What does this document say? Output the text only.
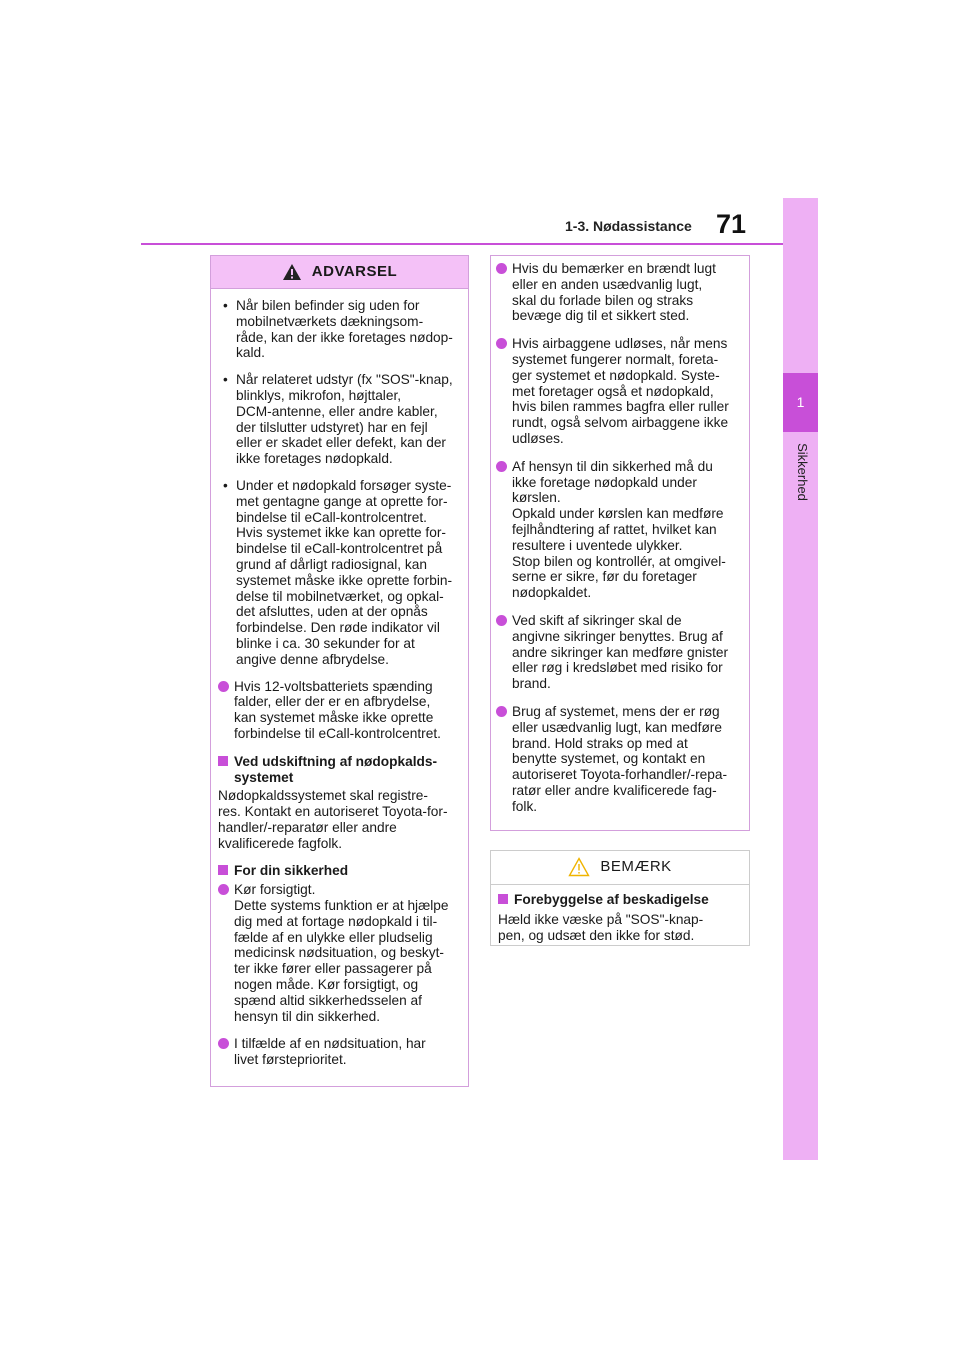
1-3. Nødassistance 71
1
Sikkerhed
ADVARSEL
• Når bilen befinder sig uden for
mobilnetværkets dækningsom-
råde, kan der ikke foretages nødop-
kald.
• Når relateret udstyr (fx "SOS"-knap,
blinklys, mikrofon, højttaler,
DCM-antenne, eller andre kabler,
der tilslutter udstyret) har en fejl
eller er skadet eller defekt, kan der
ikke foretages nødopkald.
• Under et nødopkald forsøger syste-
met gentagne gange at oprette for-
bindelse til eCall-kontrolcentret.
Hvis systemet ikke kan oprette for-
bindelse til eCall-kontrolcentret på
grund af dårligt radiosignal, kan
systemet måske ikke oprette forbin-
delse til mobilnetværket, og opkal-
det afsluttes, uden at der opnås
forbindelse. Den røde indikator vil
blinke i ca. 30 sekunder for at
angive denne afbrydelse.
Hvis 12-voltsbatteriets spænding
falder, eller der er en afbrydelse,
kan systemet måske ikke oprette
forbindelse til eCall-kontrolcentret.
Ved udskiftning af nødopkalds-
systemet
Nødopkaldssystemet skal registre-
res. Kontakt en autoriseret Toyota-for-
handler/-reparatør eller andre
kvalificerede fagfolk.
For din sikkerhed
Kør forsigtigt.
Dette systems funktion er at hjælpe
dig med at fortage nødopkald i til-
fælde af en ulykke eller pludselig
medicinsk nødsituation, og beskyt-
ter ikke fører eller passagerer på
nogen måde. Kør forsigtigt, og
spænd altid sikkerhedsselen af
hensyn til din sikkerhed.
I tilfælde af en nødsituation, har
livet førsteprioritet.
Hvis du bemærker en brændt lugt
eller en anden usædvanlig lugt,
skal du forlade bilen og straks
bevæge dig til et sikkert sted.
Hvis airbaggene udløses, når mens
systemet fungerer normalt, foreta-
ger systemet et nødopkald. Syste-
met foretager også et nødopkald,
hvis bilen rammes bagfra eller ruller
rundt, også selvom airbaggene ikke
udløses.
Af hensyn til din sikkerhed må du
ikke foretage nødopkald under
kørslen.
Opkald under kørslen kan medføre
fejlhåndtering af rattet, hvilket kan
resultere i uventede ulykker.
Stop bilen og kontrollér, at omgivel-
serne er sikre, før du foretager
nødopkaldet.
Ved skift af sikringer skal de
angivne sikringer benyttes. Brug af
andre sikringer kan medføre gnister
eller røg i kredsløbet med risiko for
brand.
Brug af systemet, mens der er røg
eller usædvanlig lugt, kan medføre
brand. Hold straks op med at
benytte systemet, og kontakt en
autoriseret Toyota-forhandler/-repa-
ratør eller andre kvalificerede fag-
folk.
BEMÆRK
Forebyggelse af beskadigelse
Hæld ikke væske på "SOS"-knap-
pen, og udsæt den ikke for stød.
